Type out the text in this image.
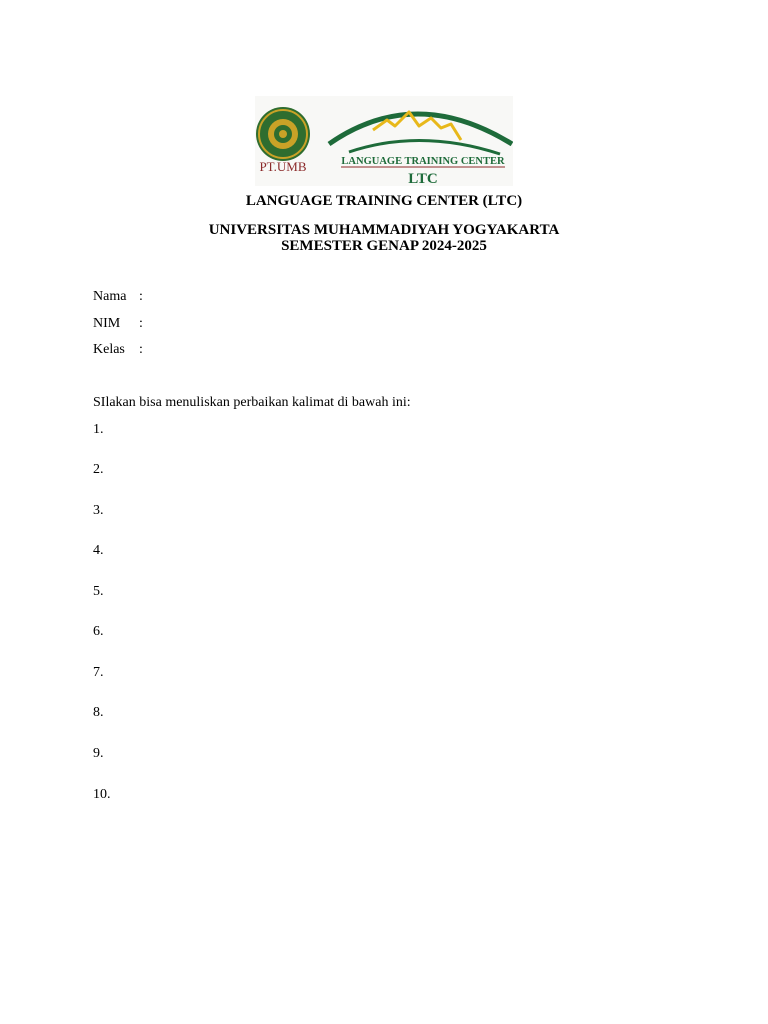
PT.UMB	LANGUAGE TRAINING CENTER
LTC
LANGUAGE TRAINING CENTER (LTC)
UNIVERSITAS MUHAMMADIYAH YOGYAKARTA
SEMESTER GENAP 2024-2025
Nama :
NIM :
Kelas :
SIlakan bisa menuliskan perbaikan kalimat di bawah ini:
1.
2.
3.
4.
5.
6.
7.
8.
9.
10.
